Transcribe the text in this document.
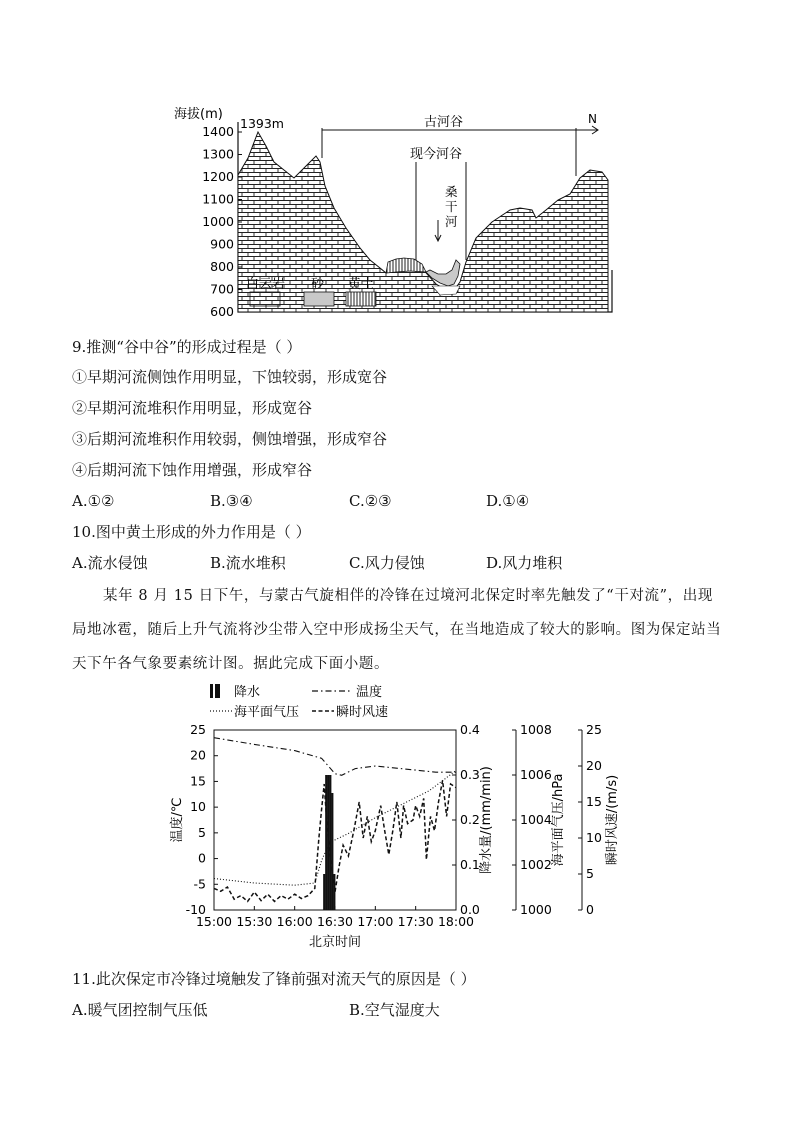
海拔(m)
1393m
1400
1300
1200
1100
1000
900
800
700
600
古河谷	N
现今河谷
桑
干
河
白云岩 砂 黄土
9.推测“谷中谷”的形成过程是（ ）
①早期河流侧蚀作用明显，下蚀较弱，形成宽谷
②早期河流堆积作用明显，形成宽谷
③后期河流堆积作用较弱，侧蚀增强，形成窄谷
④后期河流下蚀作用增强，形成窄谷
A.①②	B.③④	C.②③	D.①④
10.图中黄土形成的外力作用是（ ）
A.流水侵蚀	B.流水堆积	C.风力侵蚀	D.风力堆积
某年 8 月 15 日下午，与蒙古气旋相伴的冷锋在过境河北保定时率先触发了“干对流”，出现局地冰雹，随后上升气流将沙尘带入空中形成扬尘天气，在当地造成了较大的影响。图为保定站当天下午各气象要素统计图。据此完成下面小题。
降水	温度
海平面气压	瞬时风速
25
20
15
10
5
0
-5
-10
0.4
0.3
0.2
0.1
0.0
1008
1006
1004
1002
1000
25
20
15
10
5
0
15:00 15:30 16:00 16:30 17:00 17:30 18:00
温度/℃	降水量/(mm/min)	海平面气压/hPa	瞬时风速/(m/s)
北京时间
11.此次保定市冷锋过境触发了锋前强对流天气的原因是（ ）
A.暖气团控制气压低	B.空气湿度大
